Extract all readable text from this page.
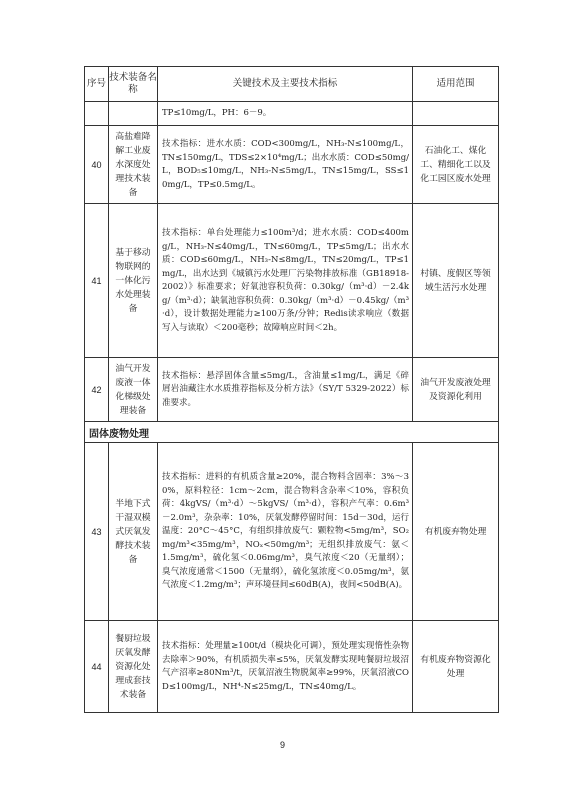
序号	技术装备名称	关键技术及主要技术指标	适用范围
		TP≤10mg/L，PH：6－9。	
40	高盐难降解工业废水深度处理技术装备	技术指标：进水水质：COD<300mg/L，NH₃-N≤100mg/L，TN≤150mg/L，TDS≤2×10⁴mg/L；出水水质：COD≤50mg/L，BOD₅≤10mg/L，NH₃-N≤5mg/L，TN≤15mg/L，SS≤10mg/L，TP≤0.5mg/L。	石油化工、煤化工、精细化工以及化工园区废水处理
41	基于移动物联网的一体化污水处理装备	技术指标：单台处理能力≤100m³/d；进水水质：COD≤400mg/L，NH₃-N≤40mg/L，TN≤60mg/L，TP≤5mg/L；出水水质：COD≤60mg/L，NH₃-N≤8mg/L，TN≤20mg/L，TP≤1mg/L，出水达到《城镇污水处理厂污染物排放标准（GB18918-2002）》标准要求；好氧池容积负荷：0.30kg/（m³·d）－2.4kg/（m³·d）；缺氧池容积负荷：0.30kg/（m³·d）－0.45kg/（m³·d），设计数据处理能力≥100万条/分钟；Redis读求响应（数据写入与读取）＜200毫秒；故障响应时间＜2h。	村镇、度假区等领域生活污水处理
42	油气开发废液一体化梯级处理装备	技术指标：悬浮固体含量≤5mg/L，含油量≤1mg/L，满足《碎屑岩油藏注水水质推荐指标及分析方法》（SY/T 5329-2022）标准要求。	油气开发废液处理及资源化利用
固体废物处理			
43	半地下式干湿双模式厌氧发酵技术装备	技术指标：进料的有机质含量≥20%，混合物料含固率：3%～30%，原料粒径：1cm～2cm，混合物料含杂率＜10%，容积负荷：4kgVS/（m³·d）～5kgVS/（m³·d），容积产气率：0.6m³－2.0m³，杂杂率：10%，厌氧发酵停留时间：15d－30d，运行温度：20°C～45°C，有组织排放废气：颗粒物<5mg/m³，SO₂mg/m³<35mg/m³，NOₓ<50mg/m³；无组织排放废气：氨＜1.5mg/m³，硫化氢＜0.06mg/m³，臭气浓度＜20（无量纲）；臭气浓度通常＜1500（无量纲），硫化氢浓度＜0.05mg/m³，氨气浓度＜1.2mg/m³；声环境昼间≤60dB(A)，夜间<50dB(A)。	有机废弃物处理
44	餐厨垃圾厌氧发酵资源化处理成套技术装备	技术指标：处理量≥100t/d（模块化可调），预处理实现惰性杂物去除率＞90%，有机质损失率≤5%，厌氧发酵实现吨餐厨垃圾沼气产沼率≥80Nm³/t，厌氧沼液生物脱氮率≥99%，厌氧沼液COD≤100mg/L，NH⁴-N≤25mg/L，TN≤40mg/L。	有机废弃物资源化处理
9
